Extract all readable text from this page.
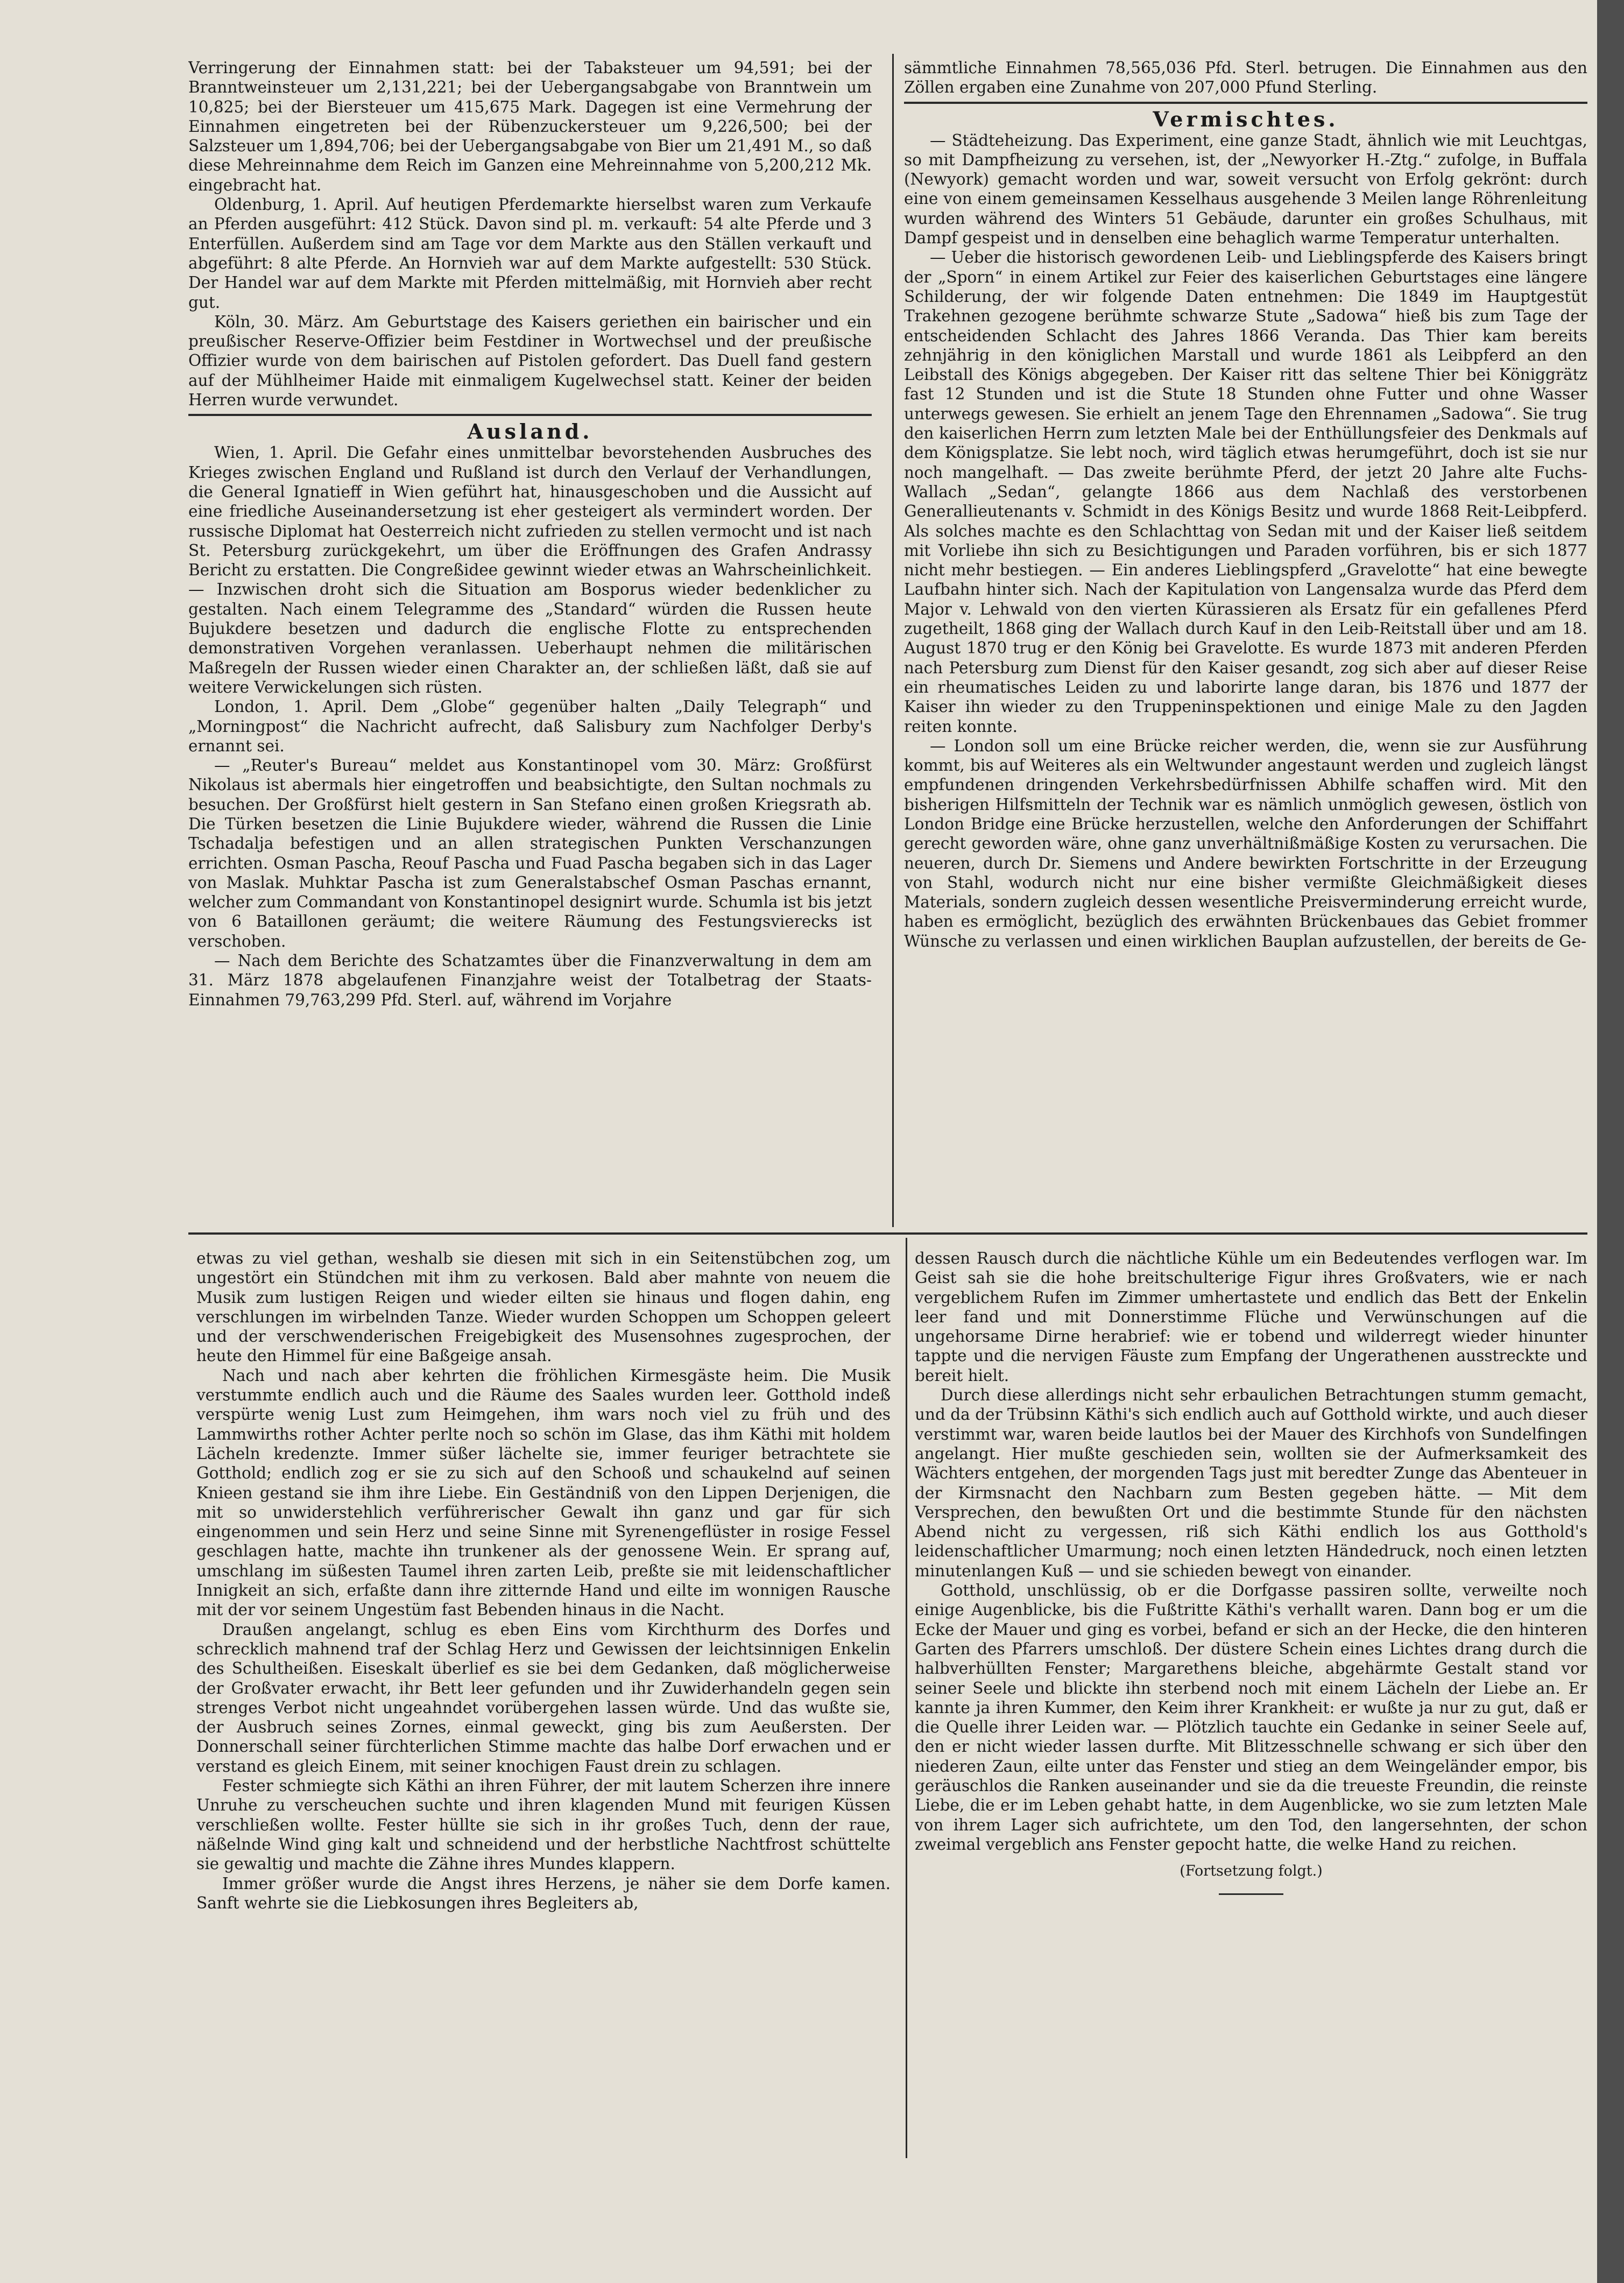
Verringerung der Einnahmen statt: bei der Tabaksteuer um 94,591; bei der Branntweinsteuer um 2,131,221; bei der Uebergangsabgabe von Branntwein um 10,825; bei der Biersteuer um 415,675 Mark. Dagegen ist eine Vermehrung der Einnahmen eingetreten bei der Rübenzuckersteuer um 9,226,500; bei der Salzsteuer um 1,894,706; bei der Uebergangsabgabe von Bier um 21,491 M., so daß diese Mehreinnahme dem Reich im Ganzen eine Mehreinnahme von 5,200,212 Mk. eingebracht hat.

Oldenburg, 1. April. Auf heutigen Pferdemarkte hierselbst waren zum Verkaufe an Pferden ausgeführt: 412 Stück. Davon sind pl. m. verkauft: 54 alte Pferde und 3 Enterfüllen. Außerdem sind am Tage vor dem Markte aus den Ställen verkauft und abgeführt: 8 alte Pferde. An Hornvieh war auf dem Markte aufgestellt: 530 Stück. Der Handel war auf dem Markte mit Pferden mittelmäßig, mit Hornvieh aber recht gut.

Köln, 30. März. Am Geburtstage des Kaisers geriethen ein bairischer und ein preußischer Reserve-Offizier beim Festdiner in Wortwechsel und der preußische Offizier wurde von dem bairischen auf Pistolen gefordert. Das Duell fand gestern auf der Mühlheimer Haide mit einmaligem Kugelwechsel statt. Keiner der beiden Herren wurde verwundet.

Ausland.

Wien, 1. April. Die Gefahr eines unmittelbar bevorstehenden Ausbruches des Krieges zwischen England und Rußland ist durch den Verlauf der Verhandlungen, die General Ignatieff in Wien geführt hat, hinausgeschoben und die Aussicht auf eine friedliche Auseinandersetzung ist eher gesteigert als vermindert worden. Der russische Diplomat hat Oesterreich nicht zufrieden zu stellen vermocht und ist nach St. Petersburg zurückgekehrt, um über die Eröffnungen des Grafen Andrassy Bericht zu erstatten. Die Congreßidee gewinnt wieder etwas an Wahrscheinlichkeit. — Inzwischen droht sich die Situation am Bosporus wieder bedenklicher zu gestalten. Nach einem Telegramme des „Standard“ würden die Russen heute Bujukdere besetzen und dadurch die englische Flotte zu entsprechenden demonstrativen Vorgehen veranlassen. Ueberhaupt nehmen die militärischen Maßregeln der Russen wieder einen Charakter an, der schließen läßt, daß sie auf weitere Verwickelungen sich rüsten.

London, 1. April. Dem „Globe“ gegenüber halten „Daily Telegraph“ und „Morningpost“ die Nachricht aufrecht, daß Salisbury zum Nachfolger Derby's ernannt sei.

— „Reuter's Bureau“ meldet aus Konstantinopel vom 30. März: Großfürst Nikolaus ist abermals hier eingetroffen und beabsichtigte, den Sultan nochmals zu besuchen. Der Großfürst hielt gestern in San Stefano einen großen Kriegsrath ab. Die Türken besetzen die Linie Bujukdere wieder, während die Russen die Linie Tschadalja befestigen und an allen strategischen Punkten Verschanzungen errichten. Osman Pascha, Reouf Pascha und Fuad Pascha begaben sich in das Lager von Maslak. Muhktar Pascha ist zum Generalstabschef Osman Paschas ernannt, welcher zum Commandant von Konstantinopel designirt wurde. Schumla ist bis jetzt von 6 Bataillonen geräumt; die weitere Räumung des Festungsvierecks ist verschoben.

— Nach dem Berichte des Schatzamtes über die Finanzverwaltung in dem am 31. März 1878 abgelaufenen Finanzjahre weist der Totalbetrag der Staats-Einnahmen 79,763,299 Pfd. Sterl. auf, während im Vorjahre

sämmtliche Einnahmen 78,565,036 Pfd. Sterl. betrugen. Die Einnahmen aus den Zöllen ergaben eine Zunahme von 207,000 Pfund Sterling.

Vermischtes.

— Städteheizung. Das Experiment, eine ganze Stadt, ähnlich wie mit Leuchtgas, so mit Dampfheizung zu versehen, ist, der „Newyorker H.-Ztg.“ zufolge, in Buffala (Newyork) gemacht worden und war, soweit versucht von Erfolg gekrönt: durch eine von einem gemeinsamen Kesselhaus ausgehende 3 Meilen lange Röhrenleitung wurden während des Winters 51 Gebäude, darunter ein großes Schulhaus, mit Dampf gespeist und in denselben eine behaglich warme Temperatur unterhalten.

— Ueber die historisch gewordenen Leib- und Lieblingspferde des Kaisers bringt der „Sporn“ in einem Artikel zur Feier des kaiserlichen Geburtstages eine längere Schilderung, der wir folgende Daten entnehmen: Die 1849 im Hauptgestüt Trakehnen gezogene berühmte schwarze Stute „Sadowa“ hieß bis zum Tage der entscheidenden Schlacht des Jahres 1866 Veranda. Das Thier kam bereits zehnjährig in den königlichen Marstall und wurde 1861 als Leibpferd an den Leibstall des Königs abgegeben. Der Kaiser ritt das seltene Thier bei Königgrätz fast 12 Stunden und ist die Stute 18 Stunden ohne Futter und ohne Wasser unterwegs gewesen. Sie erhielt an jenem Tage den Ehrennamen „Sadowa“. Sie trug den kaiserlichen Herrn zum letzten Male bei der Enthüllungsfeier des Denkmals auf dem Königsplatze. Sie lebt noch, wird täglich etwas herumgeführt, doch ist sie nur noch mangelhaft. — Das zweite berühmte Pferd, der jetzt 20 Jahre alte Fuchs-Wallach „Sedan“, gelangte 1866 aus dem Nachlaß des verstorbenen Generallieutenants v. Schmidt in des Königs Besitz und wurde 1868 Reit-Leibpferd. Als solches machte es den Schlachttag von Sedan mit und der Kaiser ließ seitdem mit Vorliebe ihn sich zu Besichtigungen und Paraden vorführen, bis er sich 1877 nicht mehr bestiegen. — Ein anderes Lieblingspferd „Gravelotte“ hat eine bewegte Laufbahn hinter sich. Nach der Kapitulation von Langensalza wurde das Pferd dem Major v. Lehwald von den vierten Kürassieren als Ersatz für ein gefallenes Pferd zugetheilt, 1868 ging der Wallach durch Kauf in den Leib-Reitstall über und am 18. August 1870 trug er den König bei Gravelotte. Es wurde 1873 mit anderen Pferden nach Petersburg zum Dienst für den Kaiser gesandt, zog sich aber auf dieser Reise ein rheumatisches Leiden zu und laborirte lange daran, bis 1876 und 1877 der Kaiser ihn wieder zu den Truppeninspektionen und einige Male zu den Jagden reiten konnte.

— London soll um eine Brücke reicher werden, die, wenn sie zur Ausführung kommt, bis auf Weiteres als ein Weltwunder angestaunt werden und zugleich längst empfundenen dringenden Verkehrsbedürfnissen Abhilfe schaffen wird. Mit den bisherigen Hilfsmitteln der Technik war es nämlich unmöglich gewesen, östlich von London Bridge eine Brücke herzustellen, welche den Anforderungen der Schiffahrt gerecht geworden wäre, ohne ganz unverhältnißmäßige Kosten zu verursachen. Die neueren, durch Dr. Siemens und Andere bewirkten Fortschritte in der Erzeugung von Stahl, wodurch nicht nur eine bisher vermißte Gleichmäßigkeit dieses Materials, sondern zugleich dessen wesentliche Preisverminderung erreicht wurde, haben es ermöglicht, bezüglich des erwähnten Brückenbaues das Gebiet frommer Wünsche zu verlassen und einen wirklichen Bauplan aufzustellen, der bereits de Ge-

etwas zu viel gethan, weshalb sie diesen mit sich in ein Seitenstübchen zog, um ungestört ein Stündchen mit ihm zu verkosen. Bald aber mahnte von neuem die Musik zum lustigen Reigen und wieder eilten sie hinaus und flogen dahin, eng verschlungen im wirbelnden Tanze. Wieder wurden Schoppen um Schoppen geleert und der verschwenderischen Freigebigkeit des Musensohnes zugesprochen, der heute den Himmel für eine Baßgeige ansah.

Nach und nach aber kehrten die fröhlichen Kirmesgäste heim. Die Musik verstummte endlich auch und die Räume des Saales wurden leer. Gotthold indeß verspürte wenig Lust zum Heimgehen, ihm wars noch viel zu früh und des Lammwirths rother Achter perlte noch so schön im Glase, das ihm Käthi mit holdem Lächeln kredenzte. Immer süßer lächelte sie, immer feuriger betrachtete sie Gotthold; endlich zog er sie zu sich auf den Schooß und schaukelnd auf seinen Knieen gestand sie ihm ihre Liebe. Ein Geständniß von den Lippen Derjenigen, die mit so unwiderstehlich verführerischer Gewalt ihn ganz und gar für sich eingenommen und sein Herz und seine Sinne mit Syrenengeflüster in rosige Fessel geschlagen hatte, machte ihn trunkener als der genossene Wein. Er sprang auf, umschlang im süßesten Taumel ihren zarten Leib, preßte sie mit leidenschaftlicher Innigkeit an sich, erfaßte dann ihre zitternde Hand und eilte im wonnigen Rausche mit der vor seinem Ungestüm fast Bebenden hinaus in die Nacht.

Draußen angelangt, schlug es eben Eins vom Kirchthurm des Dorfes und schrecklich mahnend traf der Schlag Herz und Gewissen der leichtsinnigen Enkelin des Schultheißen. Eiseskalt überlief es sie bei dem Gedanken, daß möglicherweise der Großvater erwacht, ihr Bett leer gefunden und ihr Zuwiderhandeln gegen sein strenges Verbot nicht ungeahndet vorübergehen lassen würde. Und das wußte sie, der Ausbruch seines Zornes, einmal geweckt, ging bis zum Aeußersten. Der Donnerschall seiner fürchterlichen Stimme machte das halbe Dorf erwachen und er verstand es gleich Einem, mit seiner knochigen Faust drein zu schlagen.

Fester schmiegte sich Käthi an ihren Führer, der mit lautem Scherzen ihre innere Unruhe zu verscheuchen suchte und ihren klagenden Mund mit feurigen Küssen verschließen wollte. Fester hüllte sie sich in ihr großes Tuch, denn der raue, näßelnde Wind ging kalt und schneidend und der herbstliche Nachtfrost schüttelte sie gewaltig und machte die Zähne ihres Mundes klappern.

Immer größer wurde die Angst ihres Herzens, je näher sie dem Dorfe kamen. Sanft wehrte sie die Liebkosungen ihres Begleiters ab,

dessen Rausch durch die nächtliche Kühle um ein Bedeutendes verflogen war. Im Geist sah sie die hohe breitschulterige Figur ihres Großvaters, wie er nach vergeblichem Rufen im Zimmer umhertastete und endlich das Bett der Enkelin leer fand und mit Donnerstimme Flüche und Verwünschungen auf die ungehorsame Dirne herabrief: wie er tobend und wilderregt wieder hinunter tappte und die nervigen Fäuste zum Empfang der Ungerathenen ausstreckte und bereit hielt.

Durch diese allerdings nicht sehr erbaulichen Betrachtungen stumm gemacht, und da der Trübsinn Käthi's sich endlich auch auf Gotthold wirkte, und auch dieser verstimmt war, waren beide lautlos bei der Mauer des Kirchhofs von Sundelfingen angelangt. Hier mußte geschieden sein, wollten sie der Aufmerksamkeit des Wächters entgehen, der morgenden Tags just mit beredter Zunge das Abenteuer in der Kirmsnacht den Nachbarn zum Besten gegeben hätte. — Mit dem Versprechen, den bewußten Ort und die bestimmte Stunde für den nächsten Abend nicht zu vergessen, riß sich Käthi endlich los aus Gotthold's leidenschaftlicher Umarmung; noch einen letzten Händedruck, noch einen letzten minutenlangen Kuß — und sie schieden bewegt von einander.

Gotthold, unschlüssig, ob er die Dorfgasse passiren sollte, verweilte noch einige Augenblicke, bis die Fußtritte Käthi's verhallt waren. Dann bog er um die Ecke der Mauer und ging es vorbei, befand er sich an der Hecke, die den hinteren Garten des Pfarrers umschloß. Der düstere Schein eines Lichtes drang durch die halbverhüllten Fenster; Margarethens bleiche, abgehärmte Gestalt stand vor seiner Seele und blickte ihn sterbend noch mit einem Lächeln der Liebe an. Er kannte ja ihren Kummer, den Keim ihrer Krankheit: er wußte ja nur zu gut, daß er die Quelle ihrer Leiden war. — Plötzlich tauchte ein Gedanke in seiner Seele auf, den er nicht wieder lassen durfte. Mit Blitzesschnelle schwang er sich über den niederen Zaun, eilte unter das Fenster und stieg an dem Weingeländer empor, bis geräuschlos die Ranken auseinander und sie da die treueste Freundin, die reinste Liebe, die er im Leben gehabt hatte, in dem Augenblicke, wo sie zum letzten Male von ihrem Lager sich aufrichtete, um den Tod, den langersehnten, der schon zweimal vergeblich ans Fenster gepocht hatte, die welke Hand zu reichen.

(Fortsetzung folgt.)
